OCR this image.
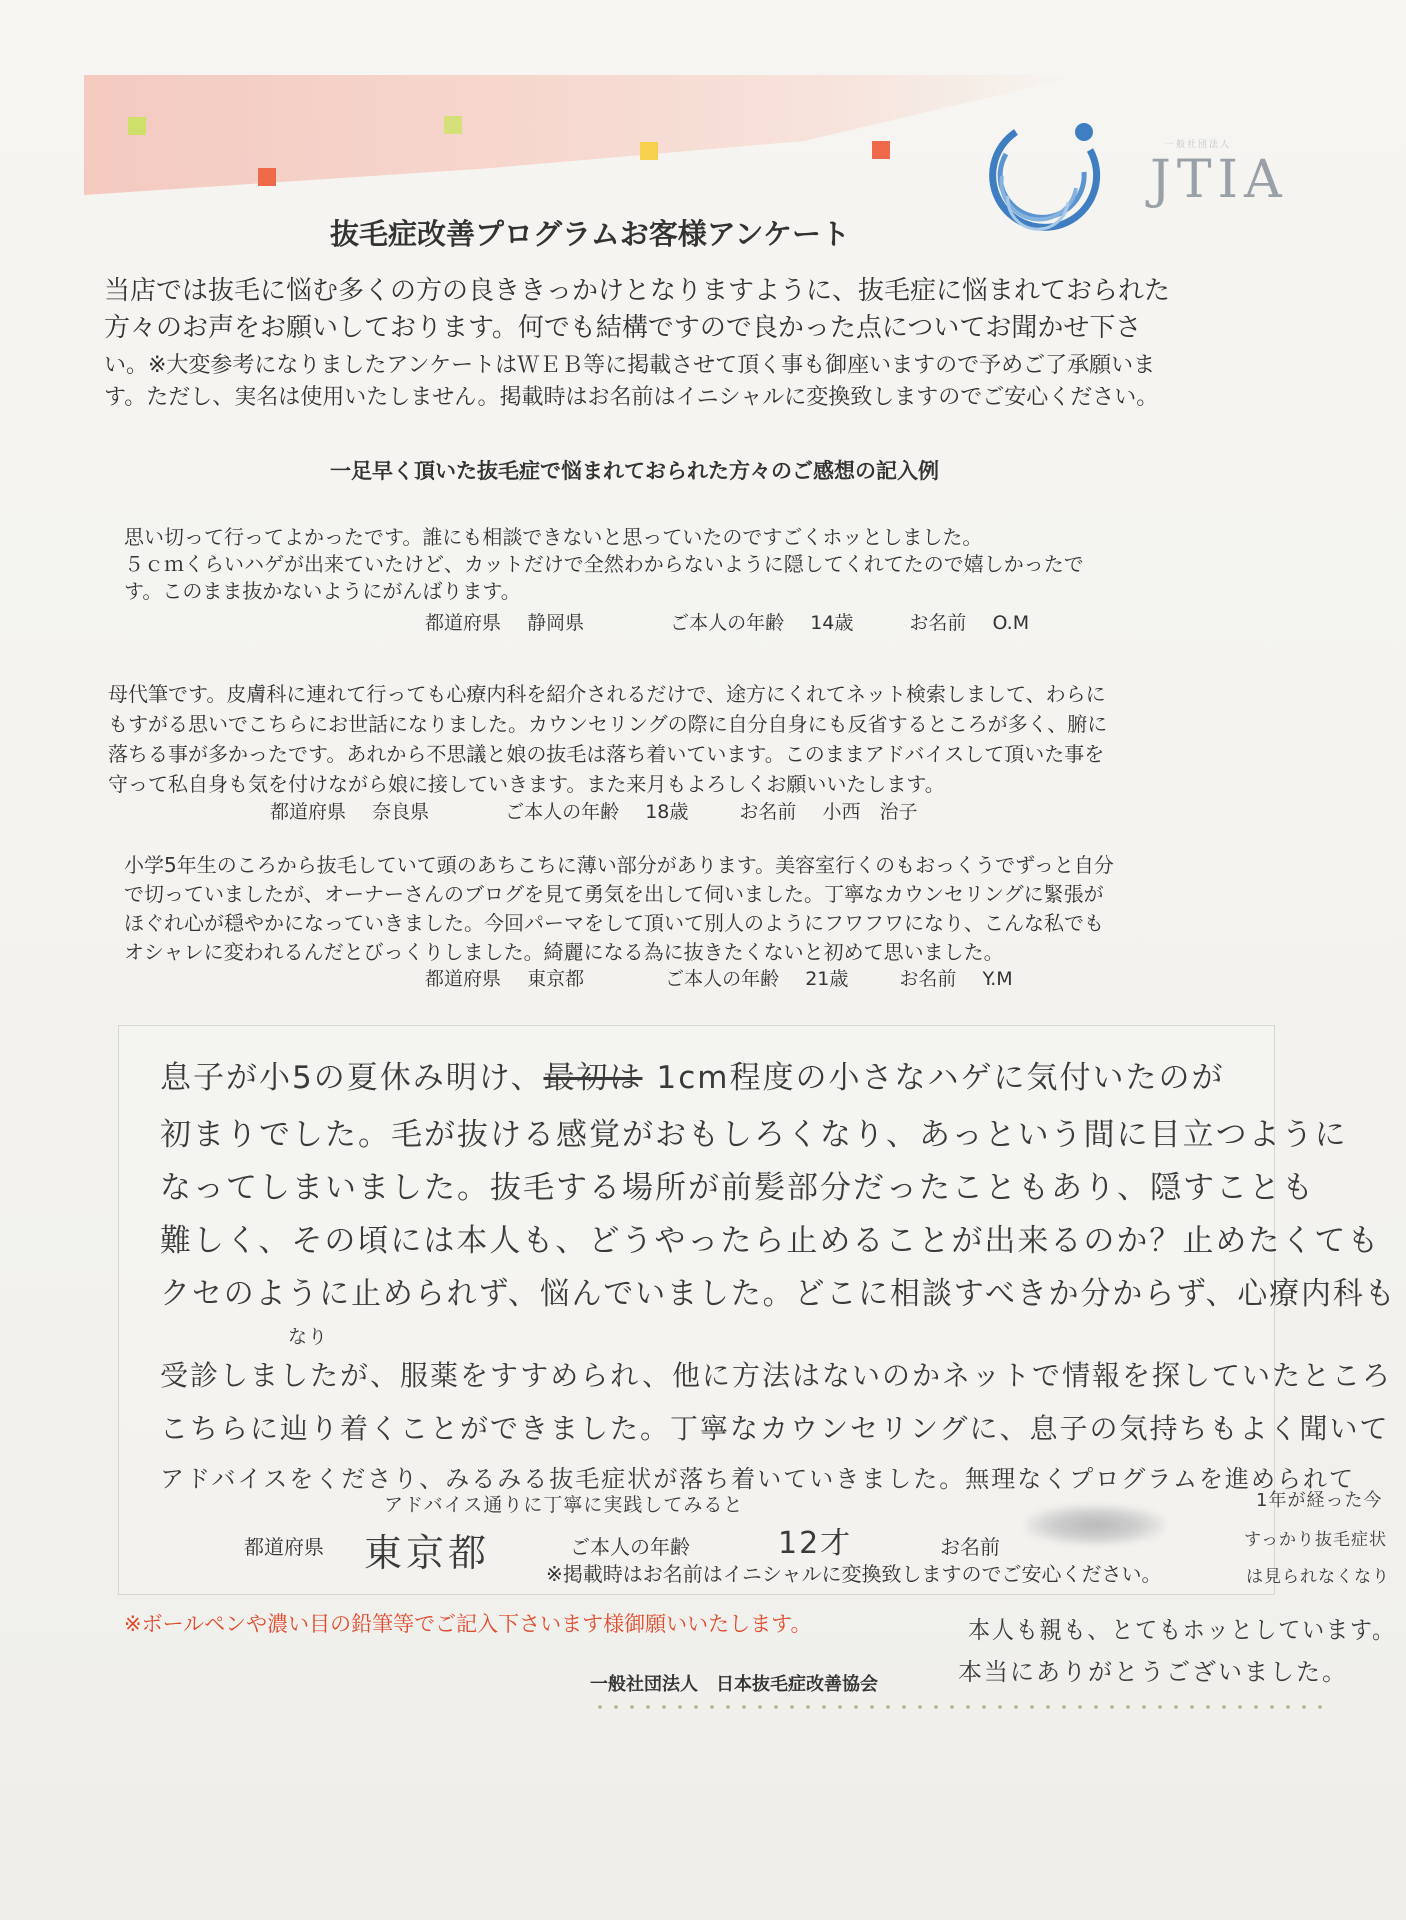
一般社団法人
JTIA
抜毛症改善プログラムお客様アンケート
当店では抜毛に悩む多くの方の良ききっかけとなりますように、抜毛症に悩まれておられた
方々のお声をお願いしております。何でも結構ですので良かった点についてお聞かせ下さ
い。※大変参考になりましたアンケートはＷＥＢ等に掲載させて頂く事も御座いますので予めご了承願いま
す。ただし、実名は使用いたしません。掲載時はお名前はイニシャルに変換致しますのでご安心ください。
一足早く頂いた抜毛症で悩まれておられた方々のご感想の記入例
思い切って行ってよかったです。誰にも相談できないと思っていたのですごくホッとしました。
５ｃｍくらいハゲが出来ていたけど、カットだけで全然わからないように隠してくれてたので嬉しかったで
す。このまま抜かないようにがんばります。
都道府県 静岡県	ご本人の年齢 14歳	お名前 O.M
母代筆です。皮膚科に連れて行っても心療内科を紹介されるだけで、途方にくれてネット検索しまして、わらに
もすがる思いでこちらにお世話になりました。カウンセリングの際に自分自身にも反省するところが多く、腑に
落ちる事が多かったです。あれから不思議と娘の抜毛は落ち着いています。このままアドバイスして頂いた事を
守って私自身も気を付けながら娘に接していきます。また来月もよろしくお願いいたします。
都道府県 奈良県	ご本人の年齢 18歳	お名前 小西　治子
小学5年生のころから抜毛していて頭のあちこちに薄い部分があります。美容室行くのもおっくうでずっと自分
で切っていましたが、オーナーさんのブログを見て勇気を出して伺いました。丁寧なカウンセリングに緊張が
ほぐれ心が穏やかになっていきました。今回パーマをして頂いて別人のようにフワフワになり、こんな私でも
オシャレに変われるんだとびっくりしました。綺麗になる為に抜きたくないと初めて思いました。
都道府県 東京都	ご本人の年齢 21歳	お名前 Y.M
息子が小5の夏休み明け、最初は 1cm程度の小さなハゲに気付いたのが
初まりでした。毛が抜ける感覚がおもしろくなり、あっという間に目立つように
なってしまいました。抜毛する場所が前髪部分だったこともあり、隠すことも
難しく、その頃には本人も、どうやったら止めることが出来るのか？止めたくても
クセのように止められず、悩んでいました。どこに相談すべきか分からず、心療内科も
なり
受診しましたが、服薬をすすめられ、他に方法はないのかネットで情報を探していたところ
こちらに辿り着くことができました。丁寧なカウンセリングに、息子の気持ちもよく聞いて
アドバイスをくださり、みるみる抜毛症状が落ち着いていきました。無理なくプログラムを進められて
アドバイス通りに丁寧に実践してみると	1年が経った今
すっかり抜毛症状
は見られなくなり
都道府県 東京都	ご本人の年齢	12才	お名前
※掲載時はお名前はイニシャルに変換致しますのでご安心ください。
※ボールペンや濃い目の鉛筆等でご記入下さいます様御願いいたします。	本人も親も、とてもホッとしています。
本当にありがとうございました。
一般社団法人　日本抜毛症改善協会
